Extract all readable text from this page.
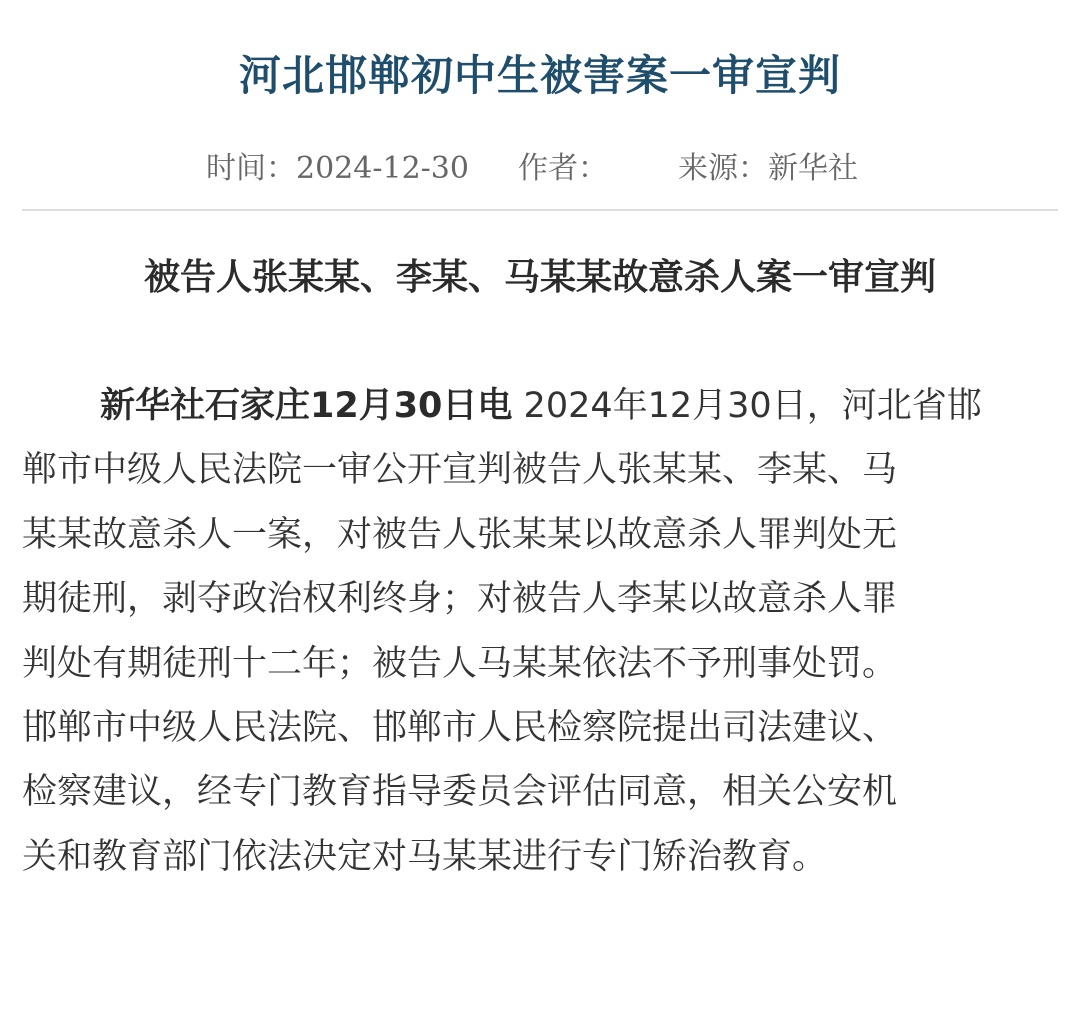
河北邯郸初中生被害案一审宣判
时间：2024-12-30 作者： 来源：新华社
被告人张某某、李某、马某某故意杀人案一审宣判
新华社石家庄12月30日电 2024年12月30日，河北省邯
郸市中级人民法院一审公开宣判被告人张某某、李某、马
某某故意杀人一案，对被告人张某某以故意杀人罪判处无
期徒刑，剥夺政治权利终身；对被告人李某以故意杀人罪
判处有期徒刑十二年；被告人马某某依法不予刑事处罚。
邯郸市中级人民法院、邯郸市人民检察院提出司法建议、
检察建议，经专门教育指导委员会评估同意，相关公安机
关和教育部门依法决定对马某某进行专门矫治教育。
